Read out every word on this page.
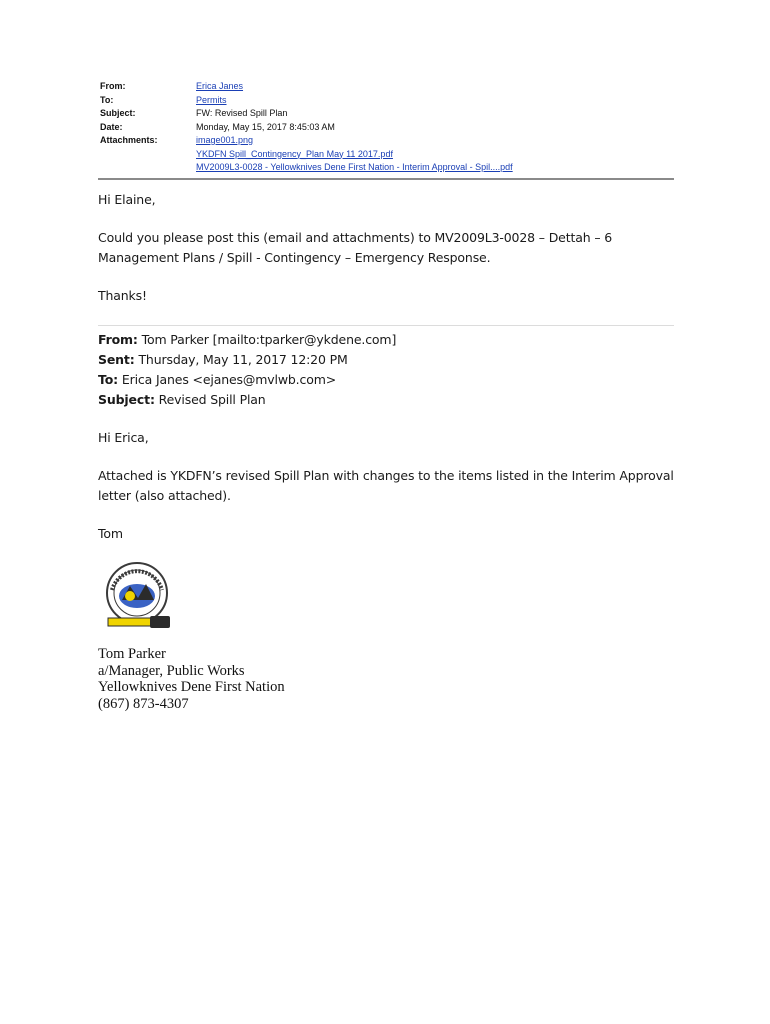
From:	Erica Janes
To:	Permits
Subject:	FW: Revised Spill Plan
Date:	Monday, May 15, 2017 8:45:03 AM
Attachments:	image001.png
YKDFN Spill_Contingency_Plan May 11 2017.pdf
MV2009L3-0028 - Yellowknives Dene First Nation - Interim Approval - Spil....pdf
Hi Elaine,
Could you please post this (email and attachments) to MV2009L3-0028 – Dettah – 6 Management Plans / Spill - Contingency – Emergency Response.
Thanks!
From: Tom Parker [mailto:tparker@ykdene.com]
Sent: Thursday, May 11, 2017 12:20 PM
To: Erica Janes <ejanes@mvlwb.com>
Subject: Revised Spill Plan
Hi Erica,
Attached is YKDFN’s revised Spill Plan with changes to the items listed in the Interim Approval letter (also attached).
Tom
Tom Parker
a/Manager, Public Works
Yellowknives Dene First Nation
(867) 873-4307
